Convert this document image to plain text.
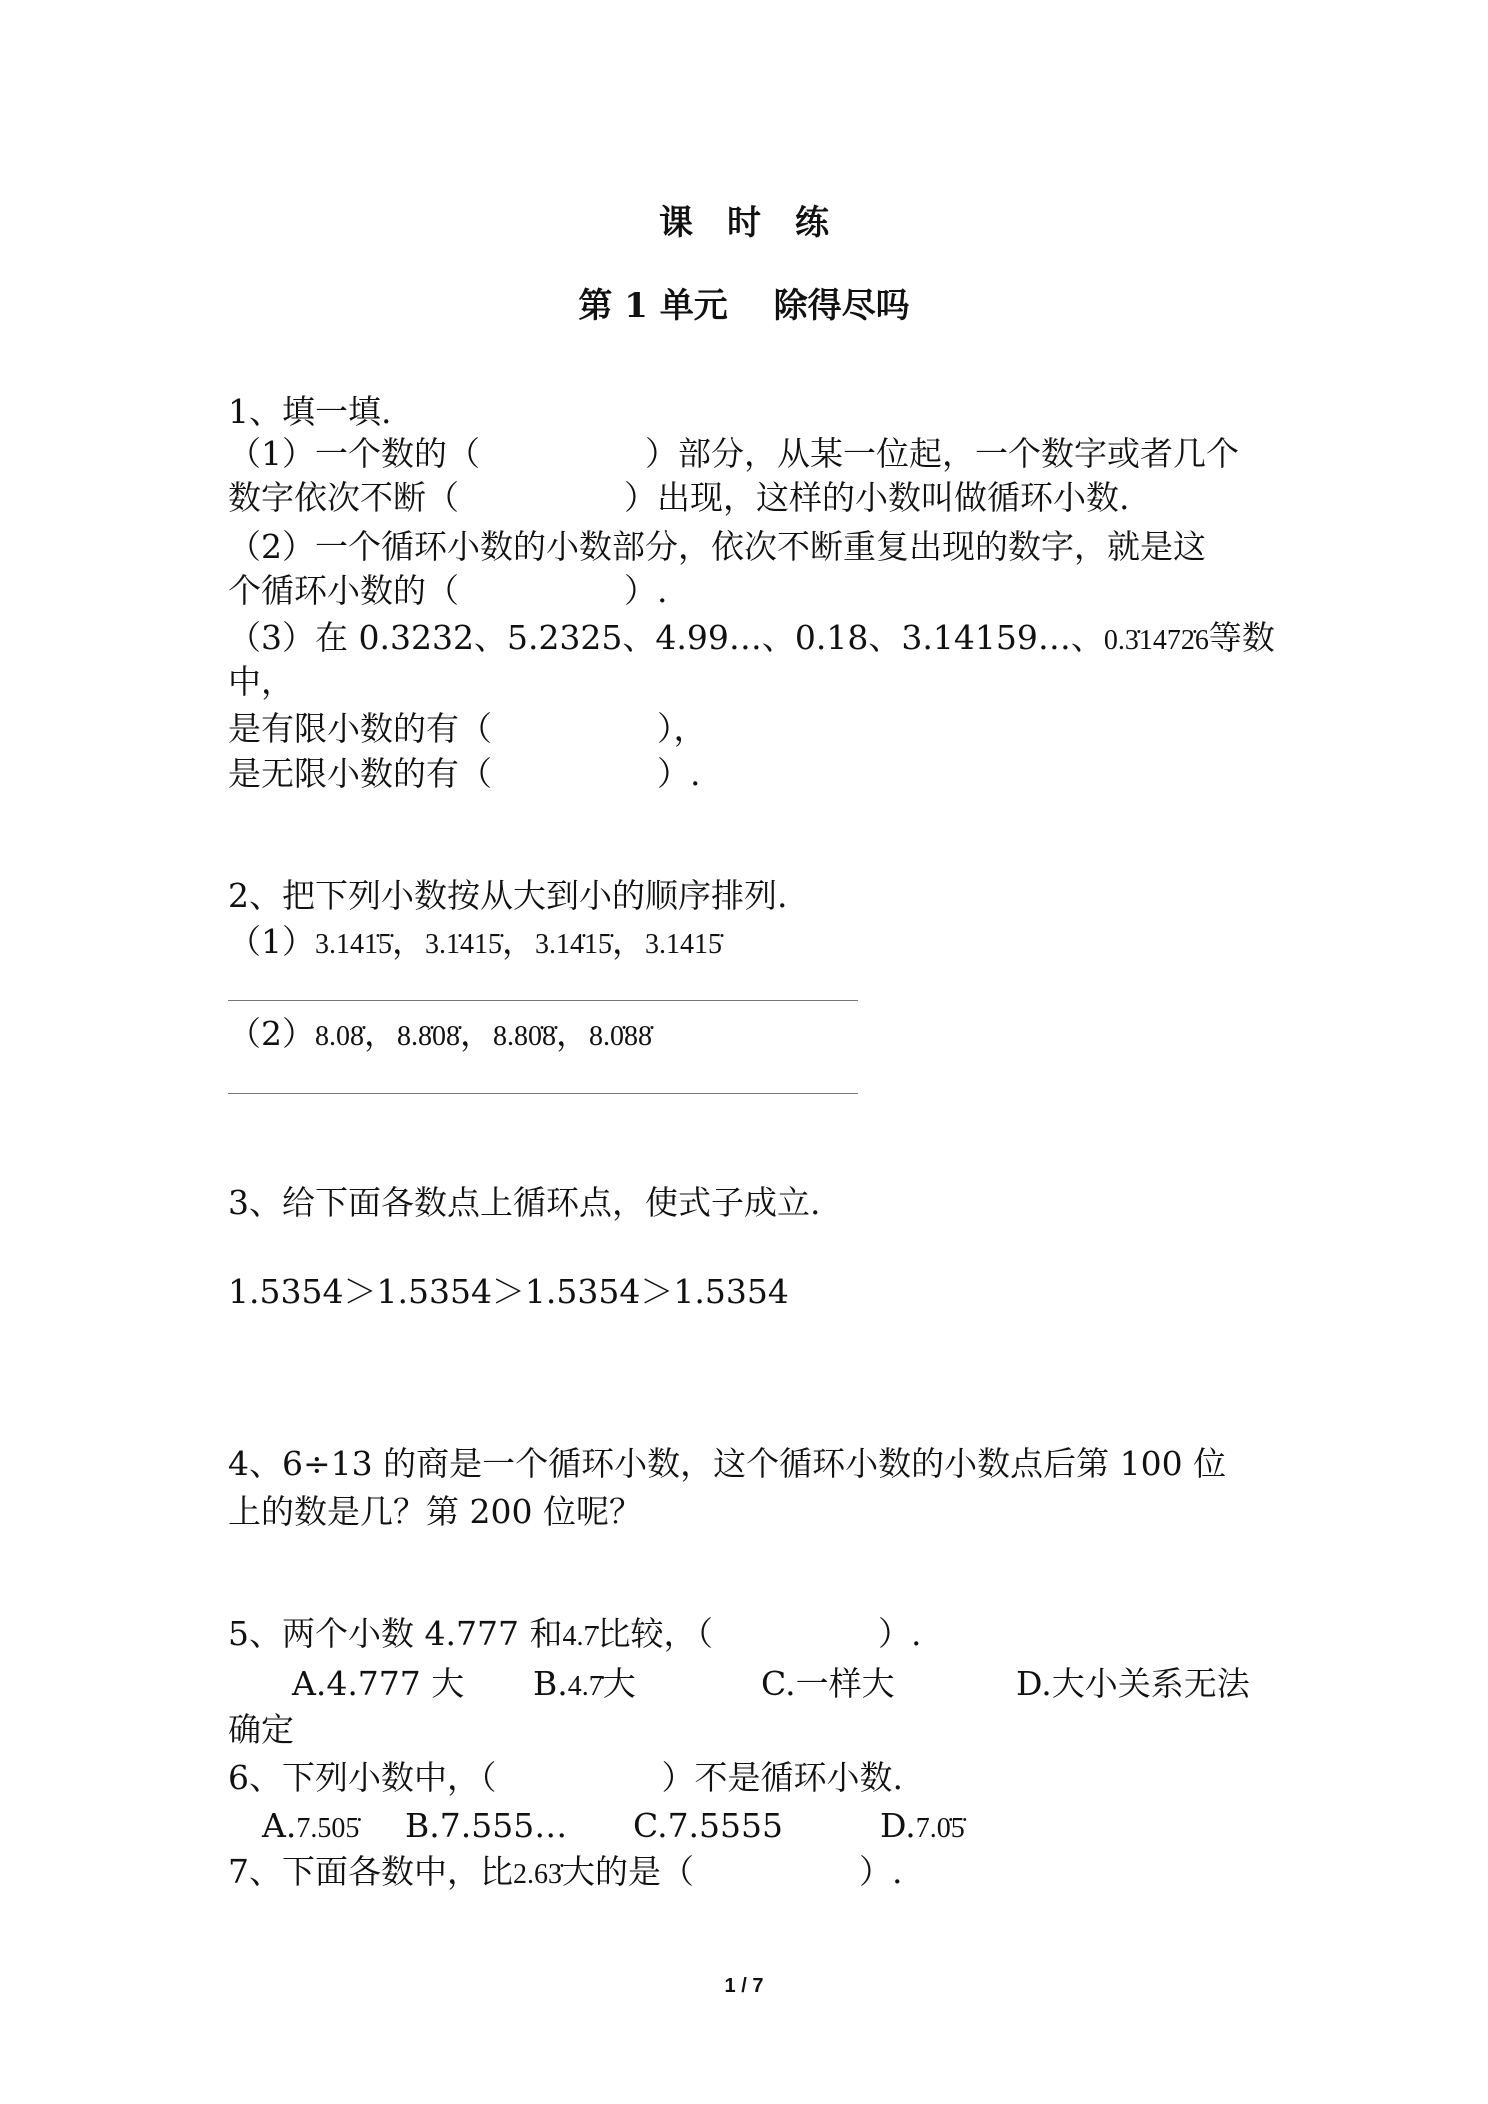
课　时　练
第 1 单元　 除得尽吗
1、填一填.
（1）一个数的（　　　　　）部分，从某一位起，一个数字或者几个
数字依次不断（　　　　　）出现，这样的小数叫做循环小数.
（2）一个循环小数的小数部分，依次不断重复出现的数字，就是这
个循环小数的（　　　　　）.
（3）在 0.3232、5.2325、4.99…、0.18、3.14159…、0.3̇1472̇6等数
中，
是有限小数的有（　　　　　），
是无限小数的有（　　　　　）.
2、把下列小数按从大到小的顺序排列.
（1）3.141̇5̇，3.1̇415̇，3.14̇15̇，3.1415̇
（2）8.08̇，8.8̇08̇，8.80̇8̇，8.0̇88̇
3、给下面各数点上循环点，使式子成立.
1.5354＞1.5354＞1.5354＞1.5354
4、6÷13 的商是一个循环小数，这个循环小数的小数点后第 100 位
上的数是几？第 200 位呢？
5、两个小数 4.777 和4.7̇比较，（　　　　　）.
A.4.777 大 B.4.7̇大	C.一样大	D.大小关系无法
确定
6、下列小数中，（　　　　　）不是循环小数.
A.7.505̇ B.7.555… C.7.5555	D.7.0̇5̇
7、下面各数中，比2.63̇大的是（　　　　　）.
1 / 7
